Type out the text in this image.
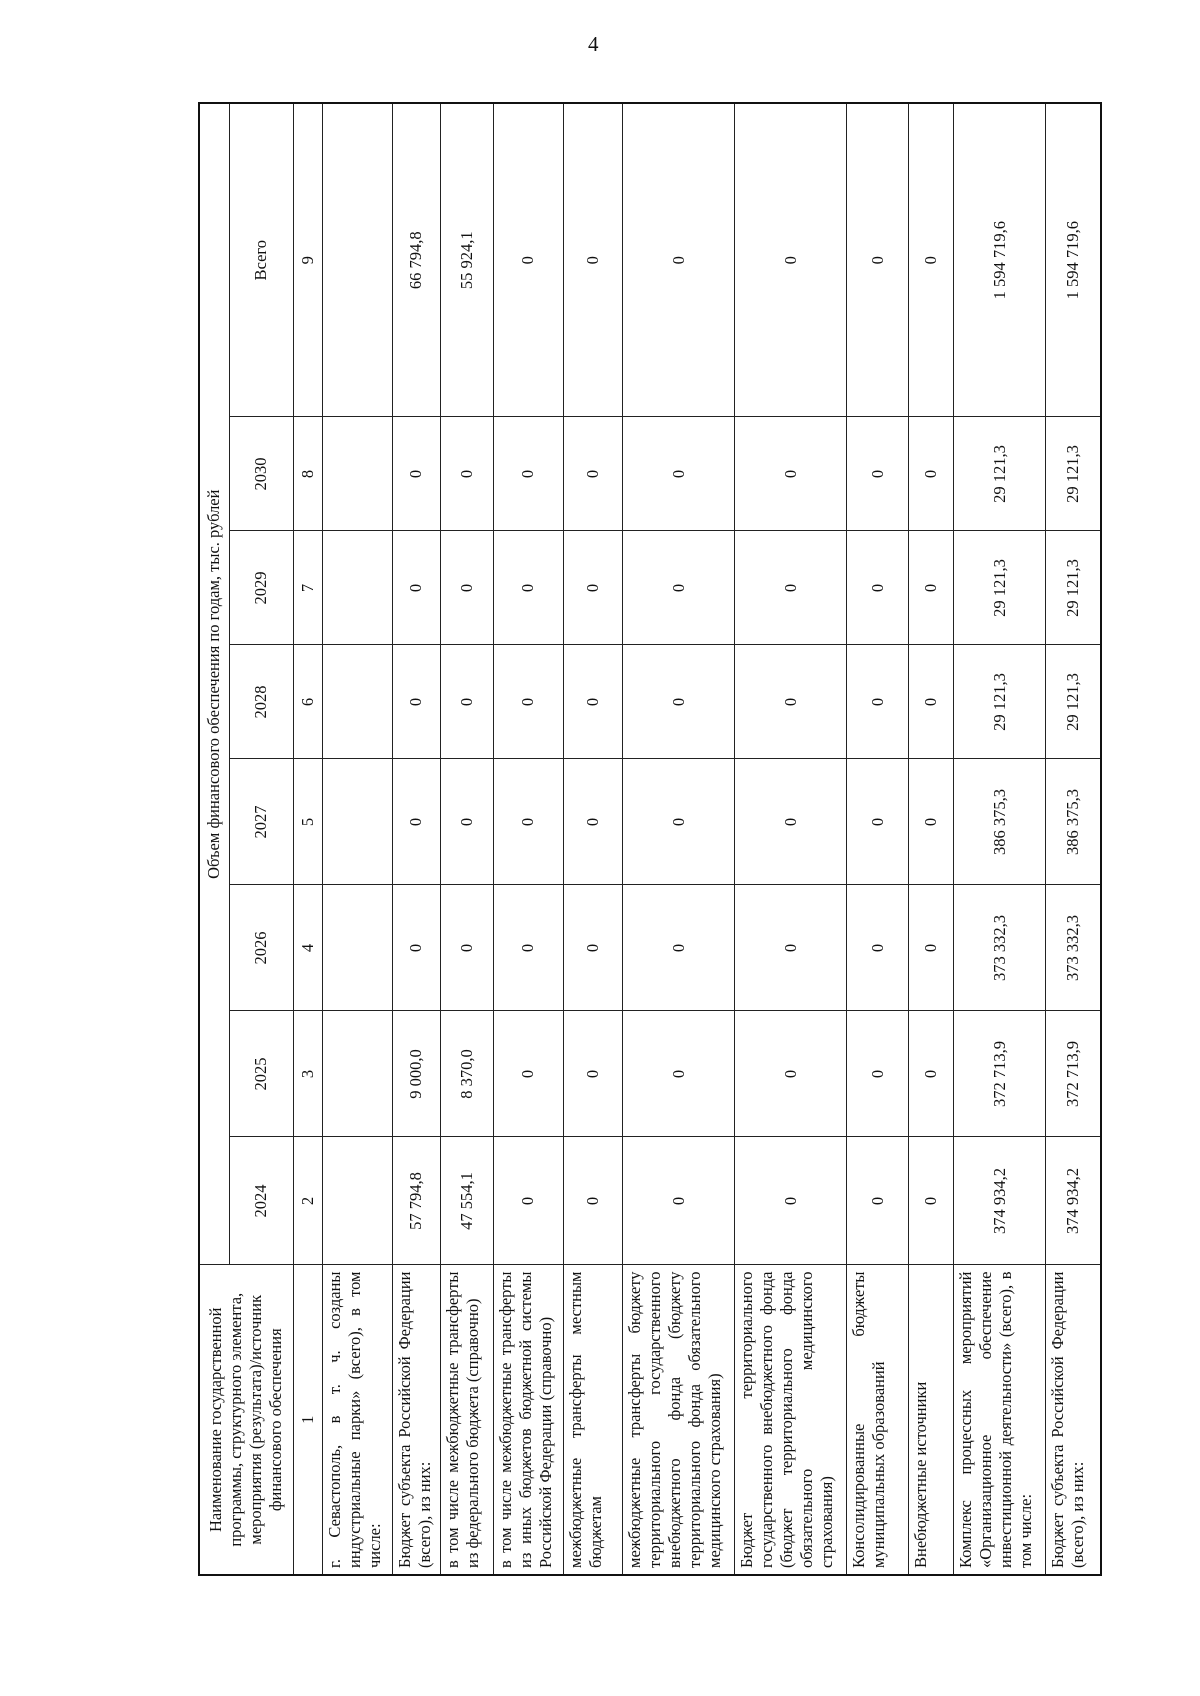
4
Наименование государственной программы, структурного элемента, мероприятия (результата)/источник финансового обеспечения	Объем финансового обеспечения по годам, тыс. рублей							
	2024	2025	2026	2027	2028	2029	2030	Всего
1	2	3	4	5	6	7	8	9
г. Севастополь, в т. ч. созданы индустриальные парки» (всего), в том числе:								
Бюджет субъекта Российской Федерации (всего), из них:	57 794,8	9 000,0	0	0	0	0	0	66 794,8
в том числе межбюджетные трансферты из федерального бюджета (справочно)	47 554,1	8 370,0	0	0	0	0	0	55 924,1
в том числе межбюджетные трансферты из иных бюджетов бюджетной системы Российской Федерации (справочно)	0	0	0	0	0	0	0	0
межбюджетные трансферты местным бюджетам	0	0	0	0	0	0	0	0
межбюджетные трансферты бюджету территориального государственного внебюджетного фонда (бюджету территориального фонда обязательного медицинского страхования)	0	0	0	0	0	0	0	0
Бюджет территориального государственного внебюджетного фонда (бюджет территориального фонда обязательного медицинского страхования)	0	0	0	0	0	0	0	0
Консолидированные бюджеты муниципальных образований	0	0	0	0	0	0	0	0
Внебюджетные источники	0	0	0	0	0	0	0	0
Комплекс процессных мероприятий «Организационное обеспечение инвестиционной деятельности» (всего), в том числе:	374 934,2	372 713,9	373 332,3	386 375,3	29 121,3	29 121,3	29 121,3	1 594 719,6
Бюджет субъекта Российской Федерации (всего), из них:	374 934,2	372 713,9	373 332,3	386 375,3	29 121,3	29 121,3	29 121,3	1 594 719,6
